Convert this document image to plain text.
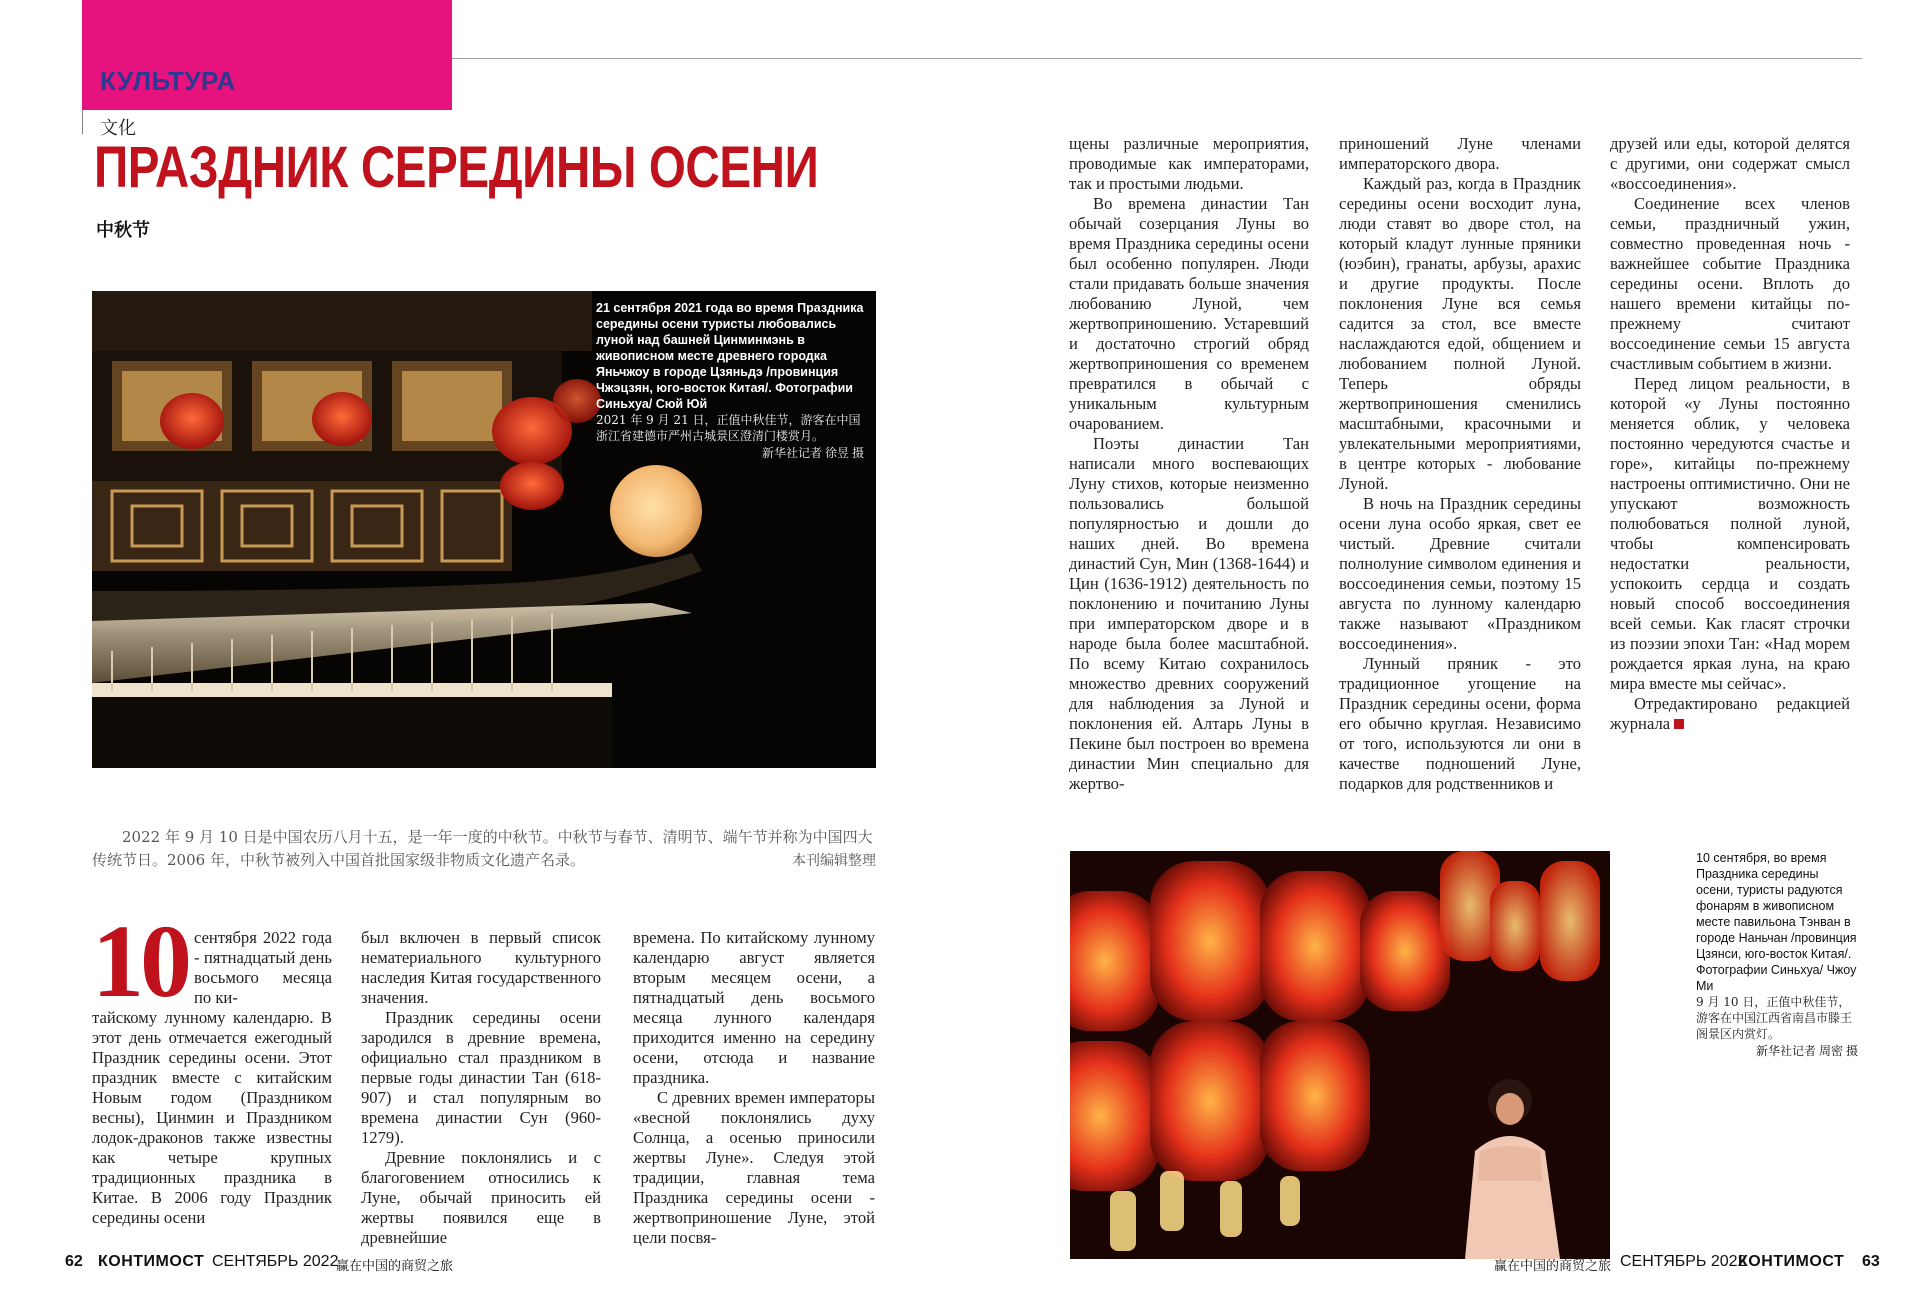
КУЛЬТУРА
文化
ПРАЗДНИК СЕРЕДИНЫ ОСЕНИ
中秋节
21 сентября 2021 года во время Праздника середины осени туристы любовались луной над башней Цинминмэнь в живописном месте древнего городка Яньчжоу в городе Цзяньдэ /провинция Чжэцзян, юго-восток Китая/. Фотографии Синьхуа/ Сюй Юй
2021 年 9 月 21 日，正值中秋佳节，游客在中国浙江省建德市严州古城景区澄清门楼赏月。
新华社记者 徐昱 摄
2022 年 9 月 10 日是中国农历八月十五，是一年一度的中秋节。中秋节与春节、清明节、端午节并称为中国四大传统节日。2006 年，中秋节被列入中国首批国家级非物质文化遗产名录。	本刊编辑整理
10 сентября 2022 года - пятнадцатый день восьмого месяца по ки-

тайскому лунному календарю. В этот день отмечается ежегодный Праздник середины осени. Этот праздник вместе с китайским Новым годом (Праздником весны), Цинмин и Праздником лодок-драконов также известны как четыре крупных традиционных праздника в Китае. В 2006 году Праздник середины осени

был включен в первый список нематериального культурного наследия Китая государственного значения.

Праздник середины осени зародился в древние времена, официально стал праздником в первые годы династии Тан (618-907) и стал популярным во времена династии Сун (960-1279).

Древние поклонялись и с благоговением относились к Луне, обычай приносить ей жертвы появился еще в древнейшие

времена. По китайскому лунному календарю август является вторым месяцем осени, а пятнадцатый день восьмого месяца лунного календаря приходится именно на середину осени, отсюда и название праздника.

С древних времен императоры «весной поклонялись духу Солнца, а осенью приносили жертвы Луне». Следуя этой традиции, главная тема Праздника середины осени - жертвоприношение Луне, этой цели посвя-

щены различные мероприятия, проводимые как императорами, так и простыми людьми.

Во времена династии Тан обычай созерцания Луны во время Праздника середины осени был особенно популярен. Люди стали придавать больше значения любованию Луной, чем жертвоприношению. Устаревший и достаточно строгий обряд жертвоприношения со временем превратился в обычай с уникальным культурным очарованием.

Поэты династии Тан написали много воспевающих Луну стихов, которые неизменно пользовались большой популярностью и дошли до наших дней. Во времена династий Сун, Мин (1368-1644) и Цин (1636-1912) деятельность по поклонению и почитанию Луны при императорском дворе и в народе была более масштабной. По всему Китаю сохранилось множество древних сооружений для наблюдения за Луной и поклонения ей. Алтарь Луны в Пекине был построен во времена династии Мин специально для жертво-

приношений Луне членами императорского двора.

Каждый раз, когда в Праздник середины осени восходит луна, люди ставят во дворе стол, на который кладут лунные пряники (юэбин), гранаты, арбузы, арахис и другие продукты. После поклонения Луне вся семья садится за стол, все вместе наслаждаются едой, общением и любованием полной Луной. Теперь обряды жертвоприношения сменились масштабными, красочными и увлекательными мероприятиями, в центре которых - любование Луной.

В ночь на Праздник середины осени луна особо яркая, свет ее чистый. Древние считали полнолуние символом единения и воссоединения семьи, поэтому 15 августа по лунному календарю также называют «Праздником воссоединения».

Лунный пряник - это традиционное угощение на Праздник середины осени, форма его обычно круглая. Независимо от того, используются ли они в качестве подношений Луне, подарков для родственников и

друзей или еды, которой делятся с другими, они содержат смысл «воссоединения».

Соединение всех членов семьи, праздничный ужин, совместно проведенная ночь - важнейшее событие Праздника середины осени. Вплоть до нашего времени китайцы по-прежнему считают воссоединение семьи 15 августа счастливым событием в жизни.

Перед лицом реальности, в которой «у Луны постоянно меняется облик, у человека постоянно чередуются счастье и горе», китайцы по-прежнему настроены оптимистично. Они не упускают возможность полюбоваться полной луной, чтобы компенсировать недостатки реальности, успокоить сердца и создать новый способ воссоединения всей семьи. Как гласят строчки из поэзии эпохи Тан: «Над морем рождается яркая луна, на краю мира вместе мы сейчас».

Отредактировано редакцией журнала

10 сентября, во время Праздника середины осени, туристы радуются фонарям в живописном месте павильона Тэнван в городе Наньчан /провинция Цзянси, юго-восток Китая/. Фотографии Синьхуа/ Чжоу Ми
9 月 10 日，正值中秋佳节，游客在中国江西省南昌市滕王阁景区内赏灯。
新华社记者 周密 摄
62 КОНТИМОСТ СЕНТЯБРЬ 2022
赢在中国的商贸之旅	赢在中国的商贸之旅 СЕНТЯБРЬ 2022
КОНТИМОСТ 63
